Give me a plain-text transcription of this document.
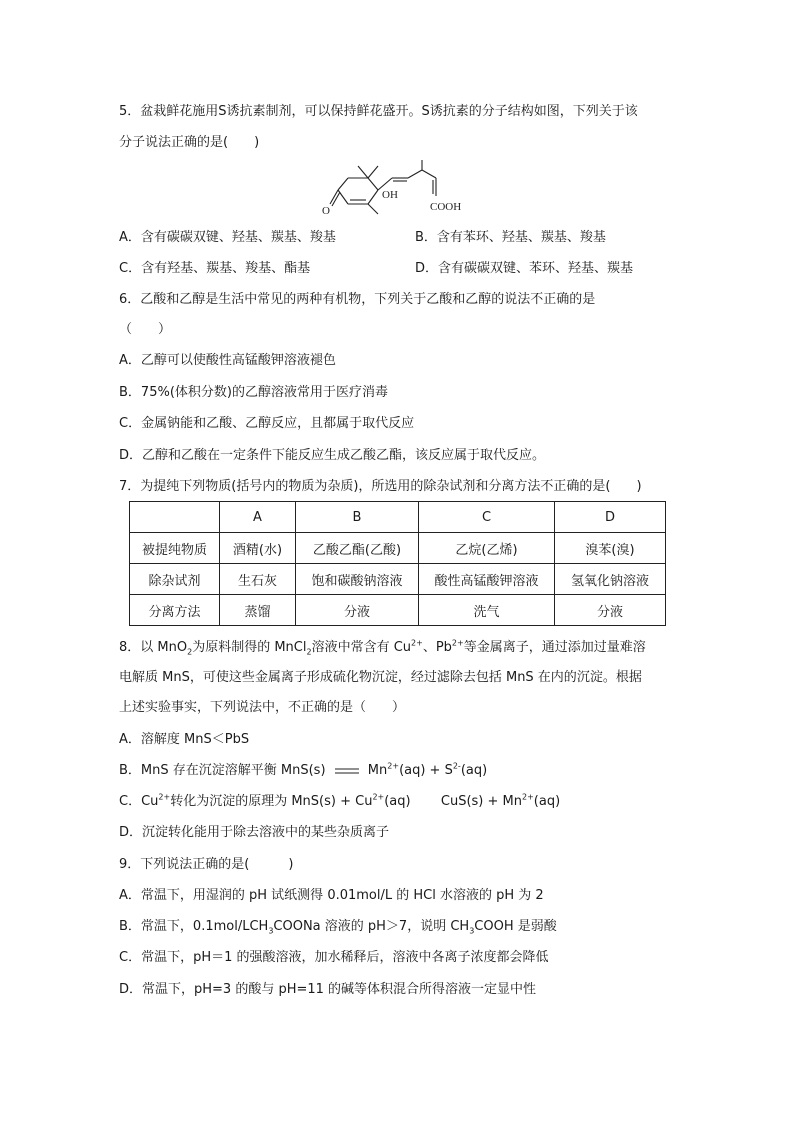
5．盆栽鲜花施用S诱抗素制剂，可以保持鲜花盛开。S诱抗素的分子结构如图，下列关于该
分子说法正确的是(　　)
OH
COOH
O
A．含有碳碳双键、羟基、羰基、羧基	B．含有苯环、羟基、羰基、羧基
C．含有羟基、羰基、羧基、酯基	D．含有碳碳双键、苯环、羟基、羰基
6．乙酸和乙醇是生活中常见的两种有机物，下列关于乙酸和乙醇的说法不正确的是
（　　）
A．乙醇可以使酸性高锰酸钾溶液褪色
B．75%(体积分数)的乙醇溶液常用于医疗消毒
C．金属钠能和乙酸、乙醇反应，且都属于取代反应
D．乙醇和乙酸在一定条件下能反应生成乙酸乙酯，该反应属于取代反应。
7．为提纯下列物质(括号内的物质为杂质)，所选用的除杂试剂和分离方法不正确的是(　　)
	A	B	C	D
被提纯物质	酒精(水)	乙酸乙酯(乙酸)	乙烷(乙烯)	溴苯(溴)
除杂试剂	生石灰	饱和碳酸钠溶液	酸性高锰酸钾溶液	氢氧化钠溶液
分离方法	蒸馏	分液	洗气	分液
8．以 MnO$_2$为原料制得的 MnCl$_2$溶液中常含有 $Cu^{2+}$、$Pb^{2+}$等金属离子，通过添加过量难溶
电解质 MnS，可使这些金属离子形成硫化物沉淀，经过滤除去包括 MnS 在内的沉淀。根据
上述实验事实，下列说法中，不正确的是（　　）
A．溶解度 MnS＜PbS
B．MnS 存在沉淀溶解平衡 MnS(s)	$Mn^{2+}(aq) + S^{2-}(aq)$
C．$Cu^{2+}$转化为沉淀的原理为 $MnS(s) + Cu^{2+}(aq) CuS(s) + Mn^{2+}(aq)$
D．沉淀转化能用于除去溶液中的某些杂质离子
9．下列说法正确的是(　　　)
A．常温下，用湿润的 pH 试纸测得 0.01mol/L 的 HCl 水溶液的 pH 为 2
B．常温下，$0.1mol/LCH_3COONa$ 溶液的 pH＞7，说明 $CH_3COOH$ 是弱酸
C．常温下，pH＝1 的强酸溶液，加水稀释后，溶液中各离子浓度都会降低
D．常温下，pH=3 的酸与 pH=11 的碱等体积混合所得溶液一定显中性
